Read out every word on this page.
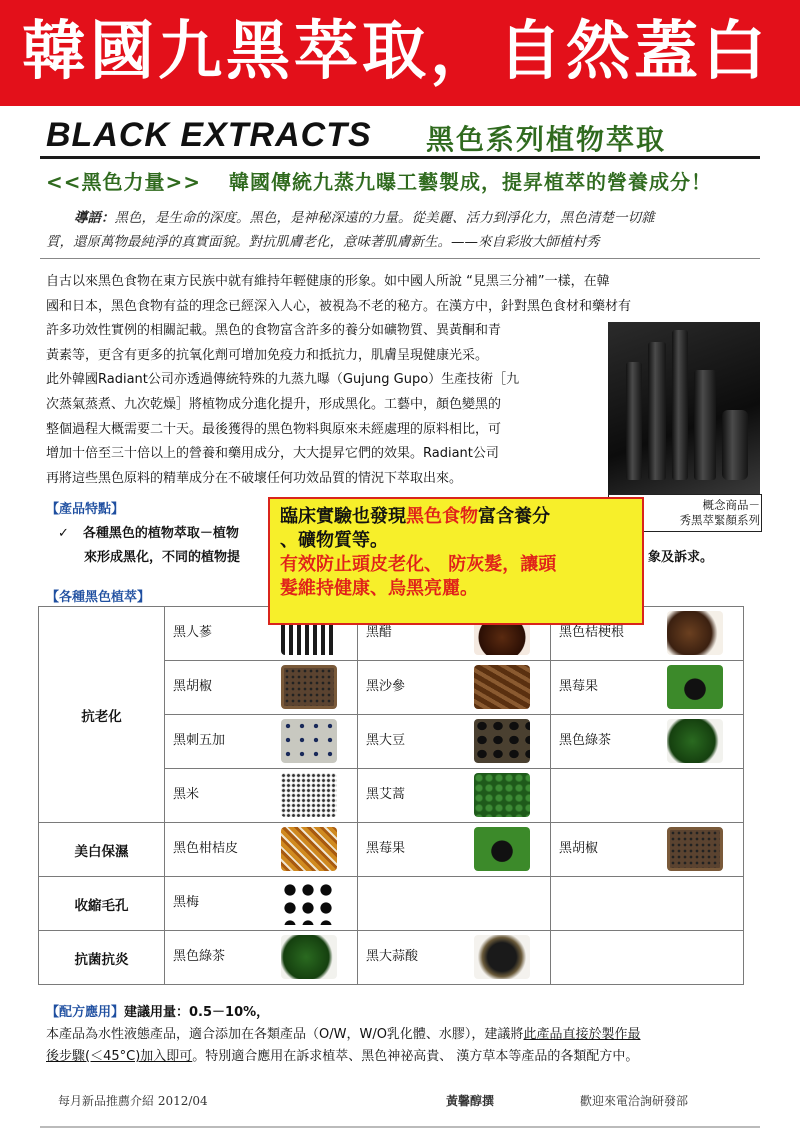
韓國九黑萃取，自然蓋白
BLACK EXTRACTS 黑色系列植物萃取
<<黑色力量>> 韓國傳統九蒸九曝工藝製成，提昇植萃的營養成分！
導語：黑色，是生命的深度。黑色，是神秘深遠的力量。從美麗、活力到淨化力，黑色清楚一切雜
質，還原萬物最純淨的真實面貌。對抗肌膚老化，意味著肌膚新生。——來自彩妝大師植村秀

自古以來黑色食物在東方民族中就有維持年輕健康的形象。如中國人所說 “見黑三分補”一樣，在韓

國和日本，黑色食物有益的理念已經深入人心，被視為不老的秘方。在漢方中，針對黑色食材和藥材有

許多功效性實例的相關記載。黑色的食物富含許多的養分如礦物質、異黃酮和青

黃素等，更含有更多的抗氧化劑可增加免疫力和抵抗力，肌膚呈現健康光采。

此外韓國Radiant公司亦透過傳統特殊的九蒸九曝（Gujung Gupo）生產技術［九

次蒸氣蒸煮、九次乾燥］將植物成分進化提升，形成黑化。工藝中，顏色變黑的

整個過程大概需要二十天。最後獲得的黑色物料與原來未經處理的原料相比，可

增加十倍至三十倍以上的營養和藥用成分，大大提昇它們的效果。Radiant公司

再將這些黑色原料的精華成分在不破壞任何功效品質的情況下萃取出來。

概念商品－
秀黑萃緊顏系列
【產品特點】
✓ 各種黑色的植物萃取－植物
來形成黑化，不同的植物提	象及訴求。
【各種黑色植萃】
抗老化	黑人蔘	黑醋	黑色桔梗根

	黑胡椒	黑沙參	黑莓果

	黑刺五加	黑大豆	黑色綠茶

	黑米	黑艾蒿	

美白保濕	黑色柑桔皮	黑莓果	黑胡椒

收縮毛孔	黑梅		

抗菌抗炎	黑色綠茶	黑大蒜酸	

臨床實驗也發現黑色食物富含養分
、礦物質等。
有效防止頭皮老化、 防灰髮，讓頭
髮維持健康、烏黑亮麗。

【配方應用】建議用量：0.5－10%，

本產品為水性液態產品，適合添加在各類產品（O/W，W/O乳化體、水膠），建議將此產品直接於製作最

後步驟(＜45°C)加入即可。特別適合應用在訴求植萃、黑色神祕高貴、 漢方草本等產品的各類配方中。

每月新品推薦介紹 2012/04	黃馨醇撰	歡迎來電洽詢研發部
